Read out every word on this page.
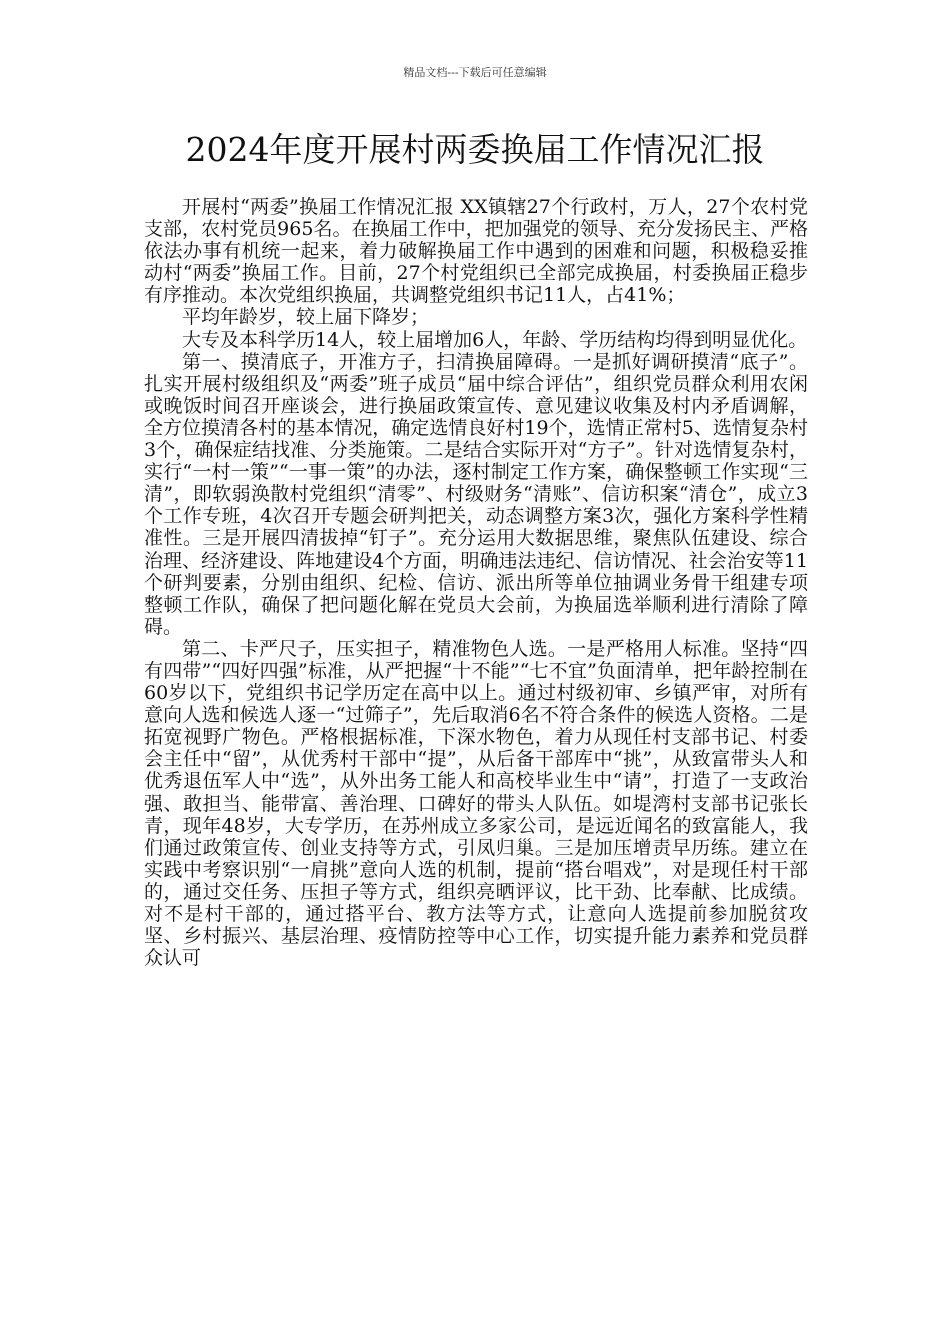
精品文档---下载后可任意编辑
2024年度开展村两委换届工作情况汇报

开展村“两委”换届工作情况汇报 XX镇辖27个行政村，万人，27个农村党支部，农村党员965名。在换届工作中，把加强党的领导、充分发扬民主、严格依法办事有机统一起来，着力破解换届工作中遇到的困难和问题，积极稳妥推动村“两委”换届工作。目前，27个村党组织已全部完成换届，村委换届正稳步有序推动。本次党组织换届，共调整党组织书记11人，占41%；

平均年龄岁，较上届下降岁；

大专及本科学历14人，较上届增加6人，年龄、学历结构均得到明显优化。

第一、摸清底子，开准方子，扫清换届障碍。一是抓好调研摸清“底子”。扎实开展村级组织及“两委”班子成员“届中综合评估”，组织党员群众利用农闲或晚饭时间召开座谈会，进行换届政策宣传、意见建议收集及村内矛盾调解，全方位摸清各村的基本情况，确定选情良好村19个，选情正常村5、选情复杂村3个，确保症结找准、分类施策。二是结合实际开对“方子”。针对选情复杂村，实行“一村一策”“一事一策”的办法，逐村制定工作方案，确保整顿工作实现“三清”，即软弱涣散村党组织“清零”、村级财务“清账”、信访积案“清仓”，成立3个工作专班，4次召开专题会研判把关，动态调整方案3次，强化方案科学性精准性。三是开展四清拔掉“钉子”。充分运用大数据思维，聚焦队伍建设、综合治理、经济建设、阵地建设4个方面，明确违法违纪、信访情况、社会治安等11个研判要素，分别由组织、纪检、信访、派出所等单位抽调业务骨干组建专项整顿工作队，确保了把问题化解在党员大会前，为换届选举顺利进行清除了障碍。

第二、卡严尺子，压实担子，精准物色人选。一是严格用人标准。坚持“四有四带”“四好四强”标准，从严把握“十不能”“七不宜”负面清单，把年龄控制在60岁以下，党组织书记学历定在高中以上。通过村级初审、乡镇严审，对所有意向人选和候选人逐一“过筛子”，先后取消6名不符合条件的候选人资格。二是拓宽视野广物色。严格根据标准，下深水物色，着力从现任村支部书记、村委会主任中“留”，从优秀村干部中“提”，从后备干部库中“挑”，从致富带头人和优秀退伍军人中“选”，从外出务工能人和高校毕业生中“请”，打造了一支政治强、敢担当、能带富、善治理、口碑好的带头人队伍。如堤湾村支部书记张长青，现年48岁，大专学历，在苏州成立多家公司，是远近闻名的致富能人，我们通过政策宣传、创业支持等方式，引凤归巢。三是加压增责早历练。建立在实践中考察识别“一肩挑”意向人选的机制，提前“搭台唱戏”，对是现任村干部的，通过交任务、压担子等方式，组织亮晒评议，比干劲、比奉献、比成绩。对不是村干部的，通过搭平台、教方法等方式，让意向人选提前参加脱贫攻坚、乡村振兴、基层治理、疫情防控等中心工作，切实提升能力素养和党员群众认可
